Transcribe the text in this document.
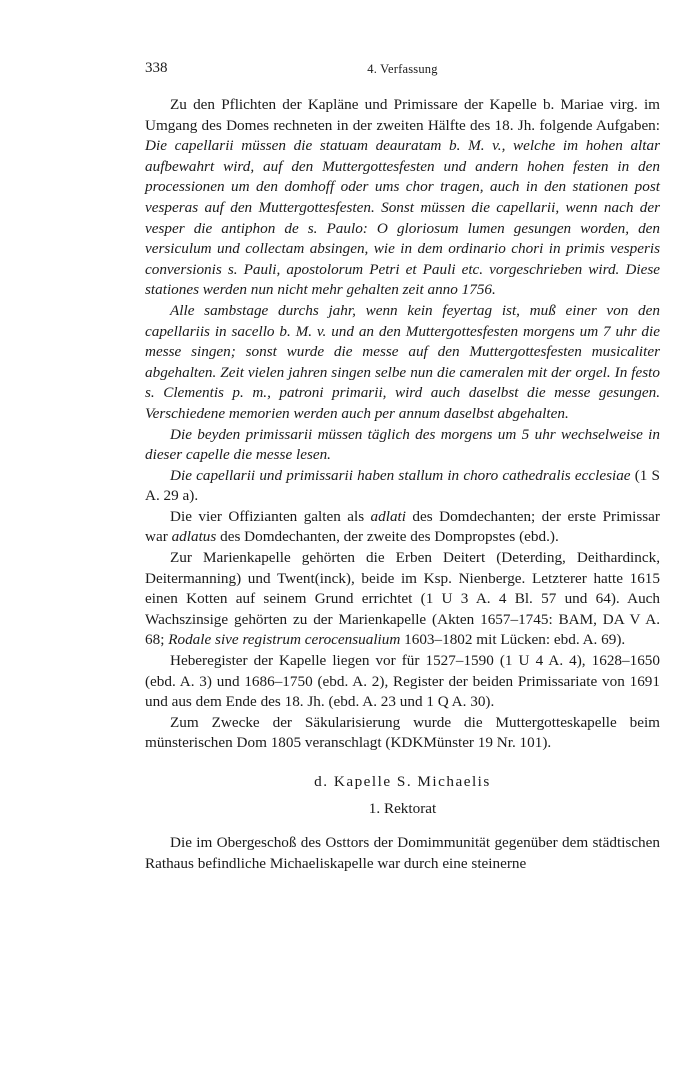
338	4. Verfassung

Zu den Pflichten der Kapläne und Primissare der Kapelle b. Mariae virg. im Umgang des Domes rechneten in der zweiten Hälfte des 18. Jh. folgende Aufgaben: Die capellarii müssen die statuam deauratam b. M. v., welche im hohen altar aufbewahrt wird, auf den Muttergottesfesten und andern hohen festen in den processionen um den domhoff oder ums chor tragen, auch in den stationen post vesperas auf den Muttergottesfesten. Sonst müssen die capellarii, wenn nach der vesper die antiphon de s. Paulo: O gloriosum lumen gesungen worden, den versiculum und collectam absingen, wie in dem ordinario chori in primis vesperis conversionis s. Pauli, apostolorum Petri et Pauli etc. vorgeschrieben wird. Diese stationes werden nun nicht mehr gehalten zeit anno 1756.

Alle sambstage durchs jahr, wenn kein feyertag ist, muß einer von den capellariis in sacello b. M. v. und an den Muttergottesfesten morgens um 7 uhr die messe singen; sonst wurde die messe auf den Muttergottesfesten musicaliter abgehalten. Zeit vielen jahren singen selbe nun die cameralen mit der orgel. In festo s. Clementis p. m., patroni primarii, wird auch daselbst die messe gesungen. Verschiedene memorien werden auch per annum daselbst abgehalten.

Die beyden primissarii müssen täglich des morgens um 5 uhr wechselweise in dieser capelle die messe lesen.

Die capellarii und primissarii haben stallum in choro cathedralis ecclesiae (1 S A. 29 a).

Die vier Offizianten galten als adlati des Domdechanten; der erste Primissar war adlatus des Domdechanten, der zweite des Dompropstes (ebd.).

Zur Marienkapelle gehörten die Erben Deitert (Deterding, Deithardinck, Deitermanning) und Twent(inck), beide im Ksp. Nienberge. Letzterer hatte 1615 einen Kotten auf seinem Grund errichtet (1 U 3 A. 4 Bl. 57 und 64). Auch Wachszinsige gehörten zu der Marienkapelle (Akten 1657–1745: BAM, DA V A. 68; Rodale sive registrum cerocensualium 1603–1802 mit Lücken: ebd. A. 69).

Heberegister der Kapelle liegen vor für 1527–1590 (1 U 4 A. 4), 1628–1650 (ebd. A. 3) und 1686–1750 (ebd. A. 2), Register der beiden Primissariate von 1691 und aus dem Ende des 18. Jh. (ebd. A. 23 und 1 Q A. 30).

Zum Zwecke der Säkularisierung wurde die Muttergotteskapelle beim münsterischen Dom 1805 veranschlagt (KDKMünster 19 Nr. 101).

d. Kapelle S. Michaelis

1. Rektorat

Die im Obergeschoß des Osttors der Domimmunität gegenüber dem städtischen Rathaus befindliche Michaeliskapelle war durch eine steinerne
